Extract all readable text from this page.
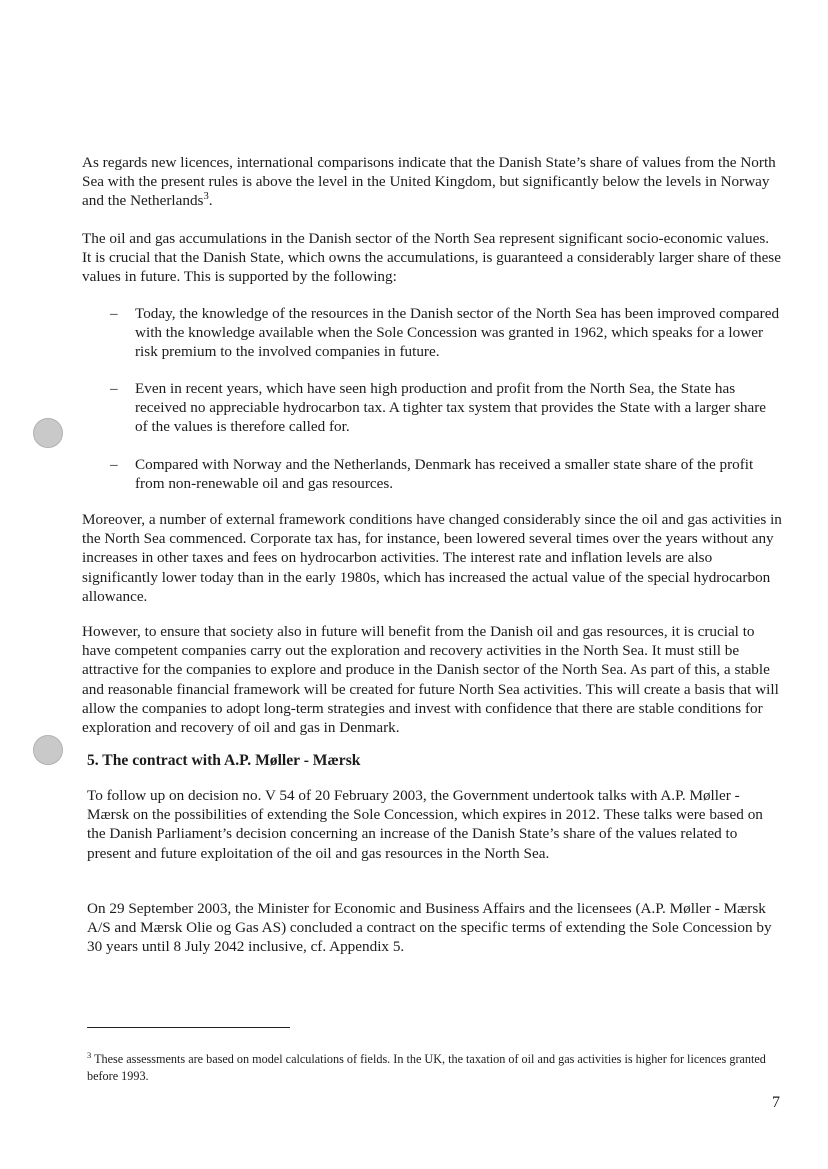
As regards new licences, international comparisons indicate that the Danish State’s share of values from the North Sea with the present rules is above the level in the United Kingdom, but significantly below the levels in Norway and the Netherlands$^3$.

The oil and gas accumulations in the Danish sector of the North Sea represent significant socio-economic values. It is crucial that the Danish State, which owns the accumulations, is guaranteed a considerably larger share of these values in future. This is supported by the following:

– Today, the knowledge of the resources in the Danish sector of the North Sea has been improved compared with the knowledge available when the Sole Concession was granted in 1962, which speaks for a lower risk premium to the involved companies in future.

– Even in recent years, which have seen high production and profit from the North Sea, the State has received no appreciable hydrocarbon tax. A tighter tax system that provides the State with a larger share of the values is therefore called for.

– Compared with Norway and the Netherlands, Denmark has received a smaller state share of the profit from non-renewable oil and gas resources.

Moreover, a number of external framework conditions have changed considerably since the oil and gas activities in the North Sea commenced. Corporate tax has, for instance, been lowered several times over the years without any increases in other taxes and fees on hydrocarbon activities. The interest rate and inflation levels are also significantly lower today than in the early 1980s, which has increased the actual value of the special hydrocarbon allowance.

However, to ensure that society also in future will benefit from the Danish oil and gas resources, it is crucial to have competent companies carry out the exploration and recovery activities in the North Sea. It must still be attractive for the companies to explore and produce in the Danish sector of the North Sea. As part of this, a stable and reasonable financial framework will be created for future North Sea activities. This will create a basis that will allow the companies to adopt long-term strategies and invest with confidence that there are stable conditions for exploration and recovery of oil and gas in Denmark.

5. The contract with A.P. Møller - Mærsk

To follow up on decision no. V 54 of 20 February 2003, the Government undertook talks with A.P. Møller - Mærsk on the possibilities of extending the Sole Concession, which expires in 2012. These talks were based on the Danish Parliament’s decision concerning an increase of the Danish State’s share of the values related to present and future exploitation of the oil and gas resources in the North Sea.

On 29 September 2003, the Minister for Economic and Business Affairs and the licensees (A.P. Møller - Mærsk A/S and Mærsk Olie og Gas AS) concluded a contract on the specific terms of extending the Sole Concession by 30 years until 8 July 2042 inclusive, cf. Appendix 5.

$^3$ These assessments are based on model calculations of fields. In the UK, the taxation of oil and gas activities is higher for licences granted before 1993.

7
